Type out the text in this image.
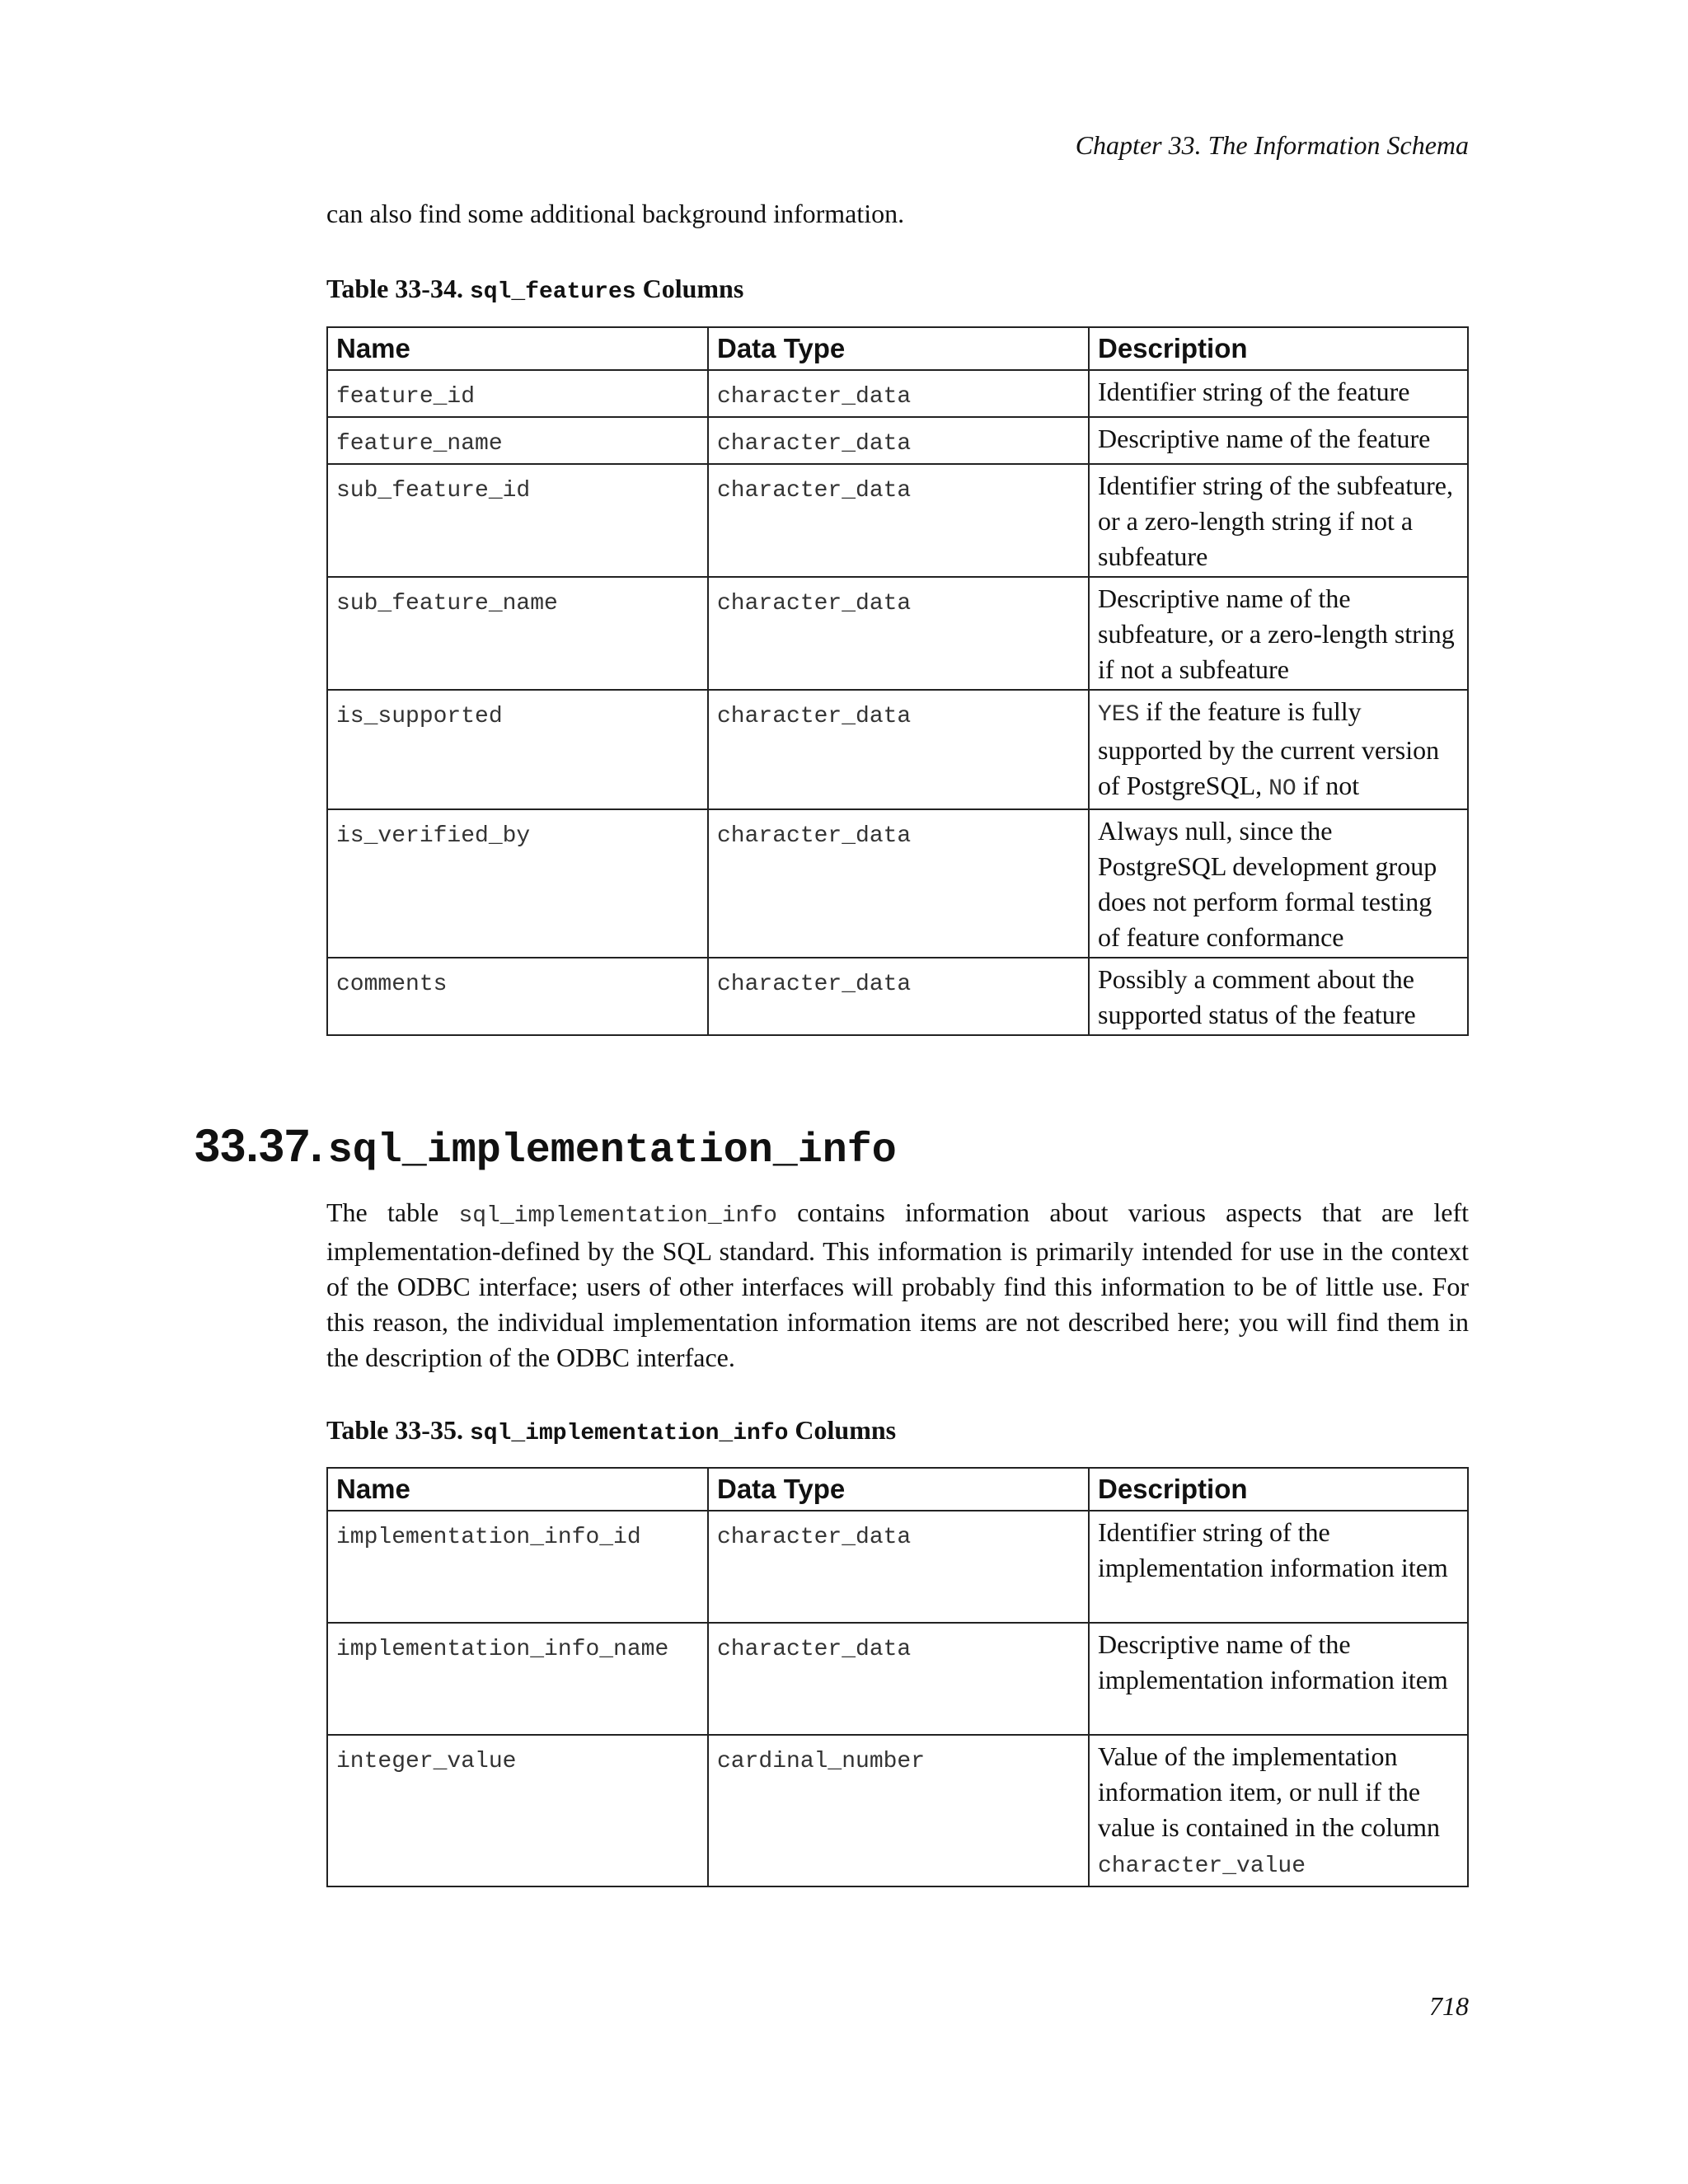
Chapter 33. The Information Schema

can also find some additional background information.

Table 33-34. sql_features Columns

Name	Data Type	Description
feature_id	character_data	Identifier string of the feature
feature_name	character_data	Descriptive name of the feature
sub_feature_id	character_data	Identifier string of the subfeature, or a zero-length string if not a subfeature
sub_feature_name	character_data	Descriptive name of the subfeature, or a zero-length string if not a subfeature
is_supported	character_data	YES if the feature is fully supported by the current version of PostgreSQL, NO if not
is_verified_by	character_data	Always null, since the PostgreSQL development group does not perform formal testing of feature conformance
comments	character_data	Possibly a comment about the supported status of the feature
33.37. sql_implementation_info

The table sql_implementation_info contains information about various aspects that are left implementation-defined by the SQL standard. This information is primarily intended for use in the context of the ODBC interface; users of other interfaces will probably find this information to be of little use. For this reason, the individual implementation information items are not described here; you will find them in the description of the ODBC interface.

Table 33-35. sql_implementation_info Columns

Name	Data Type	Description
implementation_info_id	character_data	Identifier string of the implementation information item
implementation_info_name	character_data	Descriptive name of the implementation information item
integer_value	cardinal_number	Value of the implementation information item, or null if the value is contained in the column character_value
718
